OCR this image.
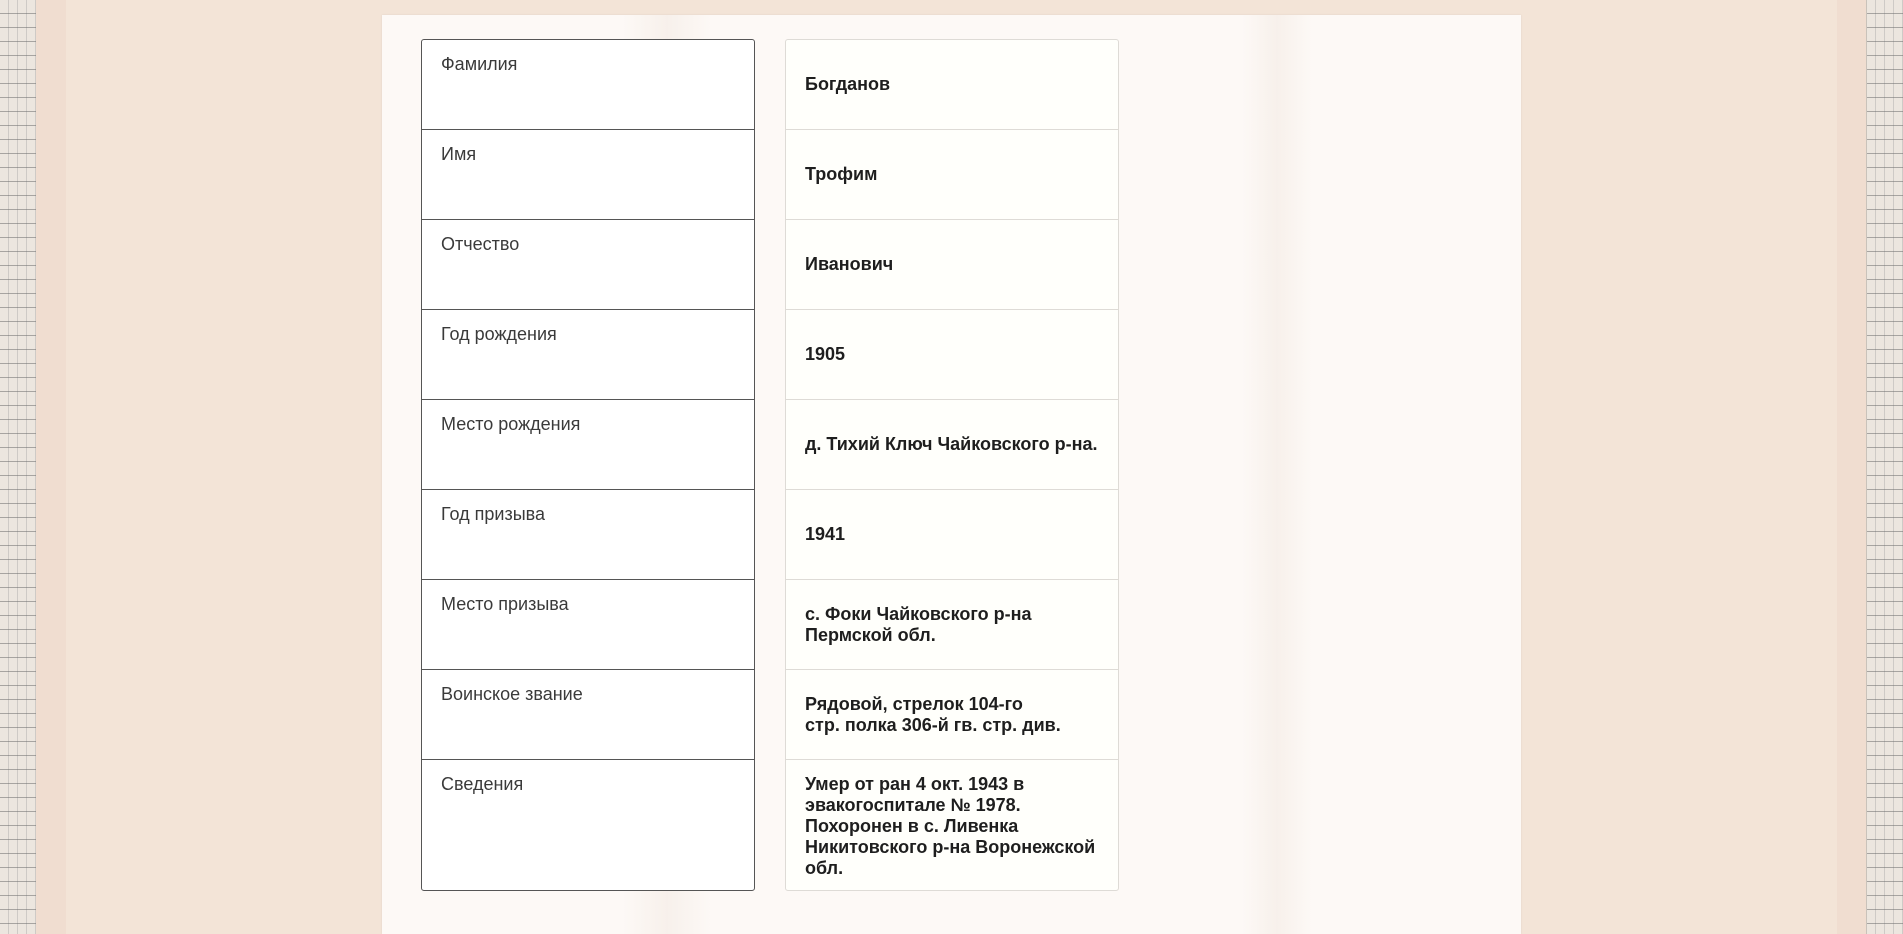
Фамилия
Имя
Отчество
Год рождения
Место рождения
Год призыва
Место призыва
Воинское звание
Сведения
Богданов
Трофим
Иванович
1905
д. Тихий Ключ Чайковского р-на.
1941
с. Фоки Чайковского р-на
Пермской обл.
Рядовой, стрелок 104-го
стр. полка 306-й гв. стр. див.
Умер от ран 4 окт. 1943 в
эвакогоспитале № 1978.
Похоронен в с. Ливенка
Никитовского р-на Воронежской
обл.
